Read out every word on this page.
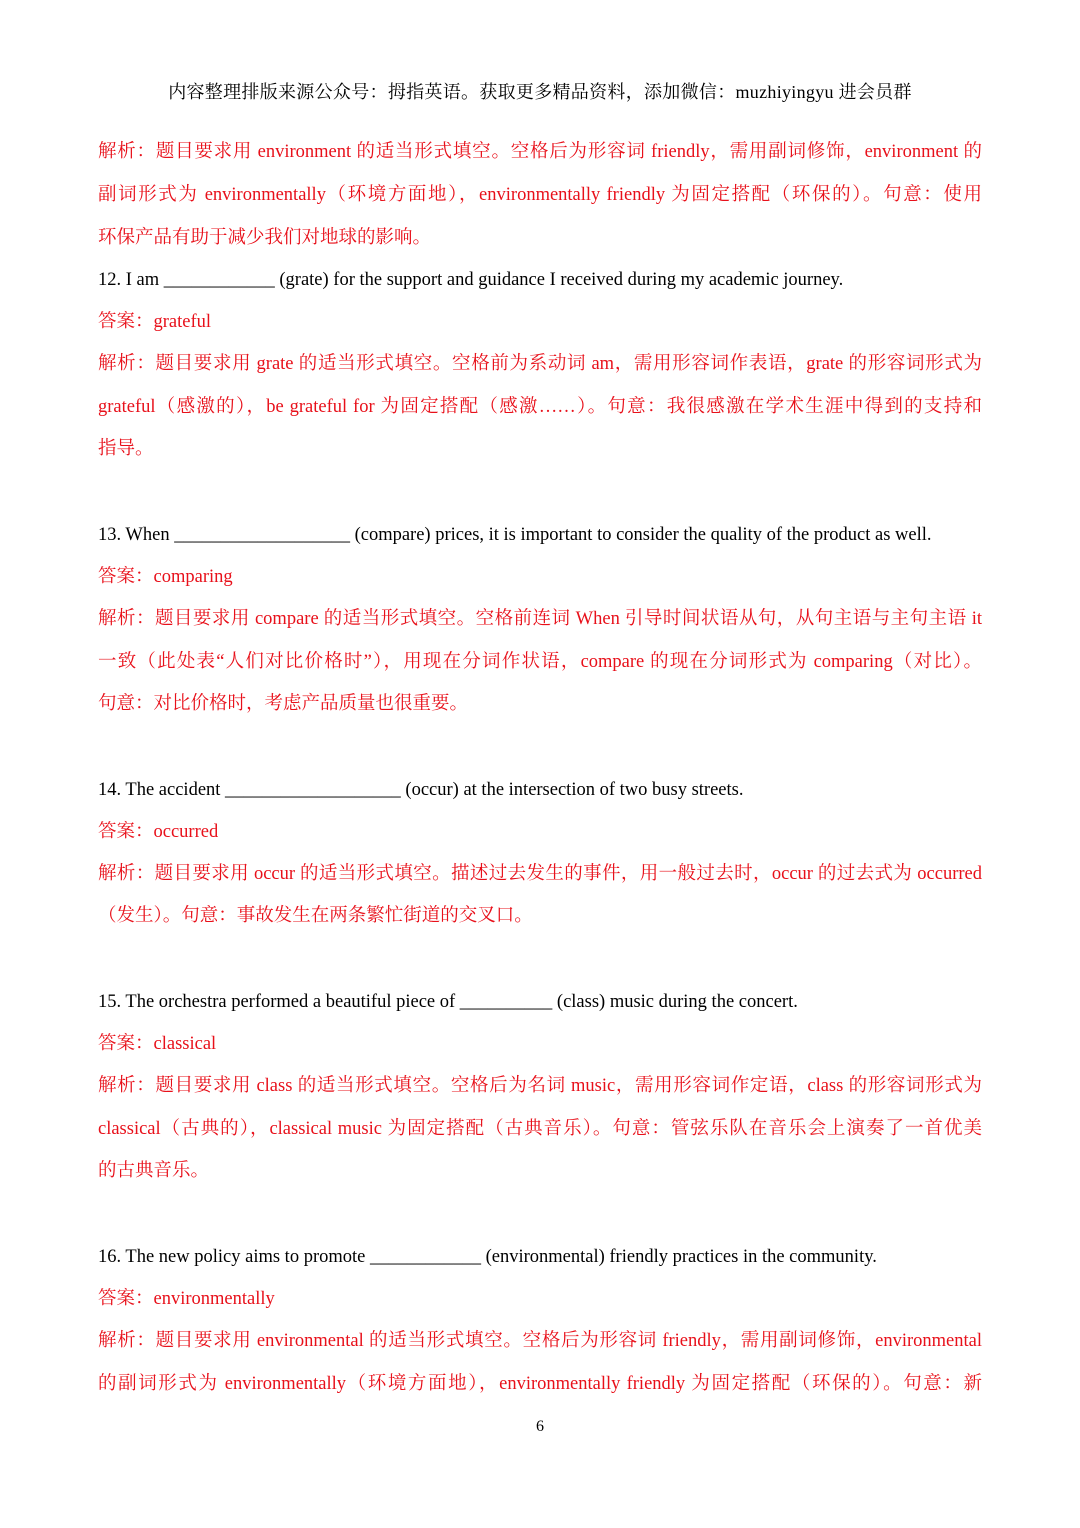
内容整理排版来源公众号：拇指英语。获取更多精品资料，添加微信：muzhiyingyu 进会员群
解析：题目要求用 environment 的适当形式填空。空格后为形容词 friendly，需用副词修饰，environment 的
副词形式为 environmentally（环境方面地），environmentally friendly 为固定搭配（环保的）。句意：使用
环保产品有助于减少我们对地球的影响。
12. I am ____________ (grate) for the support and guidance I received during my academic journey.
答案：grateful
解析：题目要求用 grate 的适当形式填空。空格前为系动词 am，需用形容词作表语，grate 的形容词形式为
grateful（感激的），be grateful for 为固定搭配（感激……）。句意：我很感激在学术生涯中得到的支持和
指导。
13. When ___________________ (compare) prices, it is important to consider the quality of the product as well.
答案：comparing
解析：题目要求用 compare 的适当形式填空。空格前连词 When 引导时间状语从句，从句主语与主句主语 it
一致（此处表“人们对比价格时”），用现在分词作状语，compare 的现在分词形式为 comparing（对比）。
句意：对比价格时，考虑产品质量也很重要。
14. The accident ___________________ (occur) at the intersection of two busy streets.
答案：occurred
解析：题目要求用 occur 的适当形式填空。描述过去发生的事件，用一般过去时，occur 的过去式为 occurred
（发生）。句意：事故发生在两条繁忙街道的交叉口。
15. The orchestra performed a beautiful piece of __________ (class) music during the concert.
答案：classical
解析：题目要求用 class 的适当形式填空。空格后为名词 music，需用形容词作定语，class 的形容词形式为
classical（古典的），classical music 为固定搭配（古典音乐）。句意：管弦乐队在音乐会上演奏了一首优美
的古典音乐。
16. The new policy aims to promote ____________ (environmental) friendly practices in the community.
答案：environmentally
解析：题目要求用 environmental 的适当形式填空。空格后为形容词 friendly，需用副词修饰，environmental
的副词形式为 environmentally（环境方面地），environmentally friendly 为固定搭配（环保的）。句意：新
6
